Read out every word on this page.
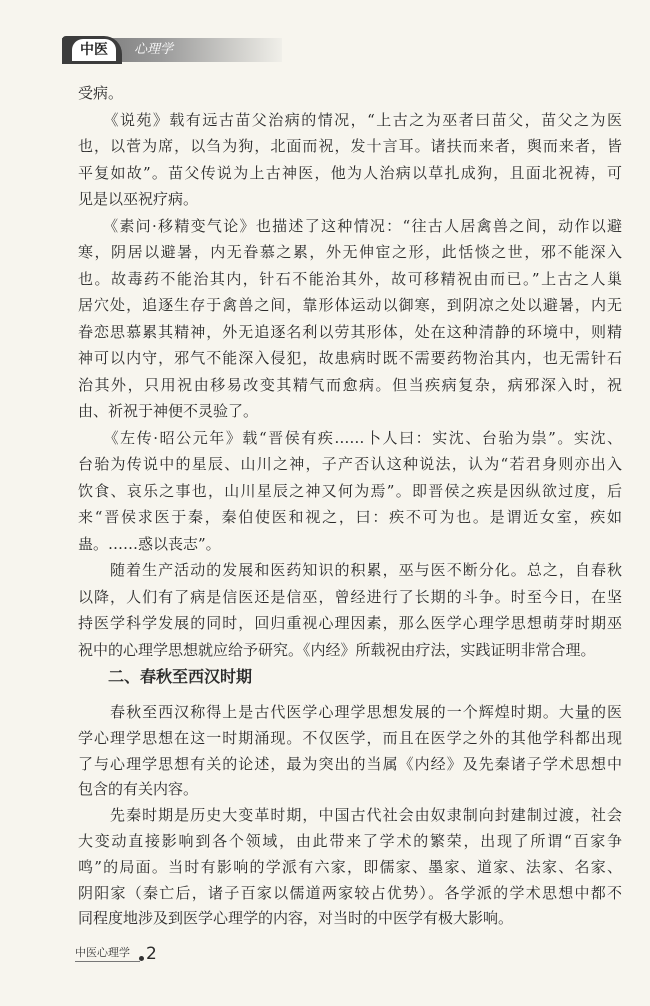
中医	心理学
受病。
　　《说苑》载有远古苗父治病的情况，“上古之为巫者曰苗父，苗父之为医
也，以菅为席，以刍为狗，北面而祝，发十言耳。诸扶而来者，舆而来者，皆
平复如故”。苗父传说为上古神医，他为人治病以草扎成狗，且面北祝祷，可
见是以巫祝疗病。
　　《素问·移精变气论》也描述了这种情况：“往古人居禽兽之间，动作以避
寒，阴居以避暑，内无眷慕之累，外无伸宦之形，此恬惔之世，邪不能深入
也。故毒药不能治其内，针石不能治其外，故可移精祝由而已。”上古之人巢
居穴处，追逐生存于禽兽之间，靠形体运动以御寒，到阴凉之处以避暑，内无
眷恋思慕累其精神，外无追逐名利以劳其形体，处在这种清静的环境中，则精
神可以内守，邪气不能深入侵犯，故患病时既不需要药物治其内，也无需针石
治其外，只用祝由移易改变其精气而愈病。但当疾病复杂，病邪深入时，祝
由、祈祝于神便不灵验了。
　　《左传·昭公元年》载“晋侯有疾……卜人曰：实沈、台骀为祟”。实沈、
台骀为传说中的星辰、山川之神，子产否认这种说法，认为“若君身则亦出入
饮食、哀乐之事也，山川星辰之神又何为焉”。即晋侯之疾是因纵欲过度，后
来“晋侯求医于秦，秦伯使医和视之，曰：疾不可为也。是谓近女室，疾如
蛊。……惑以丧志”。
　　随着生产活动的发展和医药知识的积累，巫与医不断分化。总之，自春秋
以降，人们有了病是信医还是信巫，曾经进行了长期的斗争。时至今日，在坚
持医学科学发展的同时，回归重视心理因素，那么医学心理学思想萌芽时期巫
祝中的心理学思想就应给予研究。《内经》所载祝由疗法，实践证明非常合理。
二、春秋至西汉时期
　　春秋至西汉称得上是古代医学心理学思想发展的一个辉煌时期。大量的医
学心理学思想在这一时期涌现。不仅医学，而且在医学之外的其他学科都出现
了与心理学思想有关的论述，最为突出的当属《内经》及先秦诸子学术思想中
包含的有关内容。
　　先秦时期是历史大变革时期，中国古代社会由奴隶制向封建制过渡，社会
大变动直接影响到各个领域，由此带来了学术的繁荣，出现了所谓“百家争
鸣”的局面。当时有影响的学派有六家，即儒家、墨家、道家、法家、名家、
阴阳家（秦亡后，诸子百家以儒道两家较占优势）。各学派的学术思想中都不
同程度地涉及到医学心理学的内容，对当时的中医学有极大影响。
中医心理学 2
